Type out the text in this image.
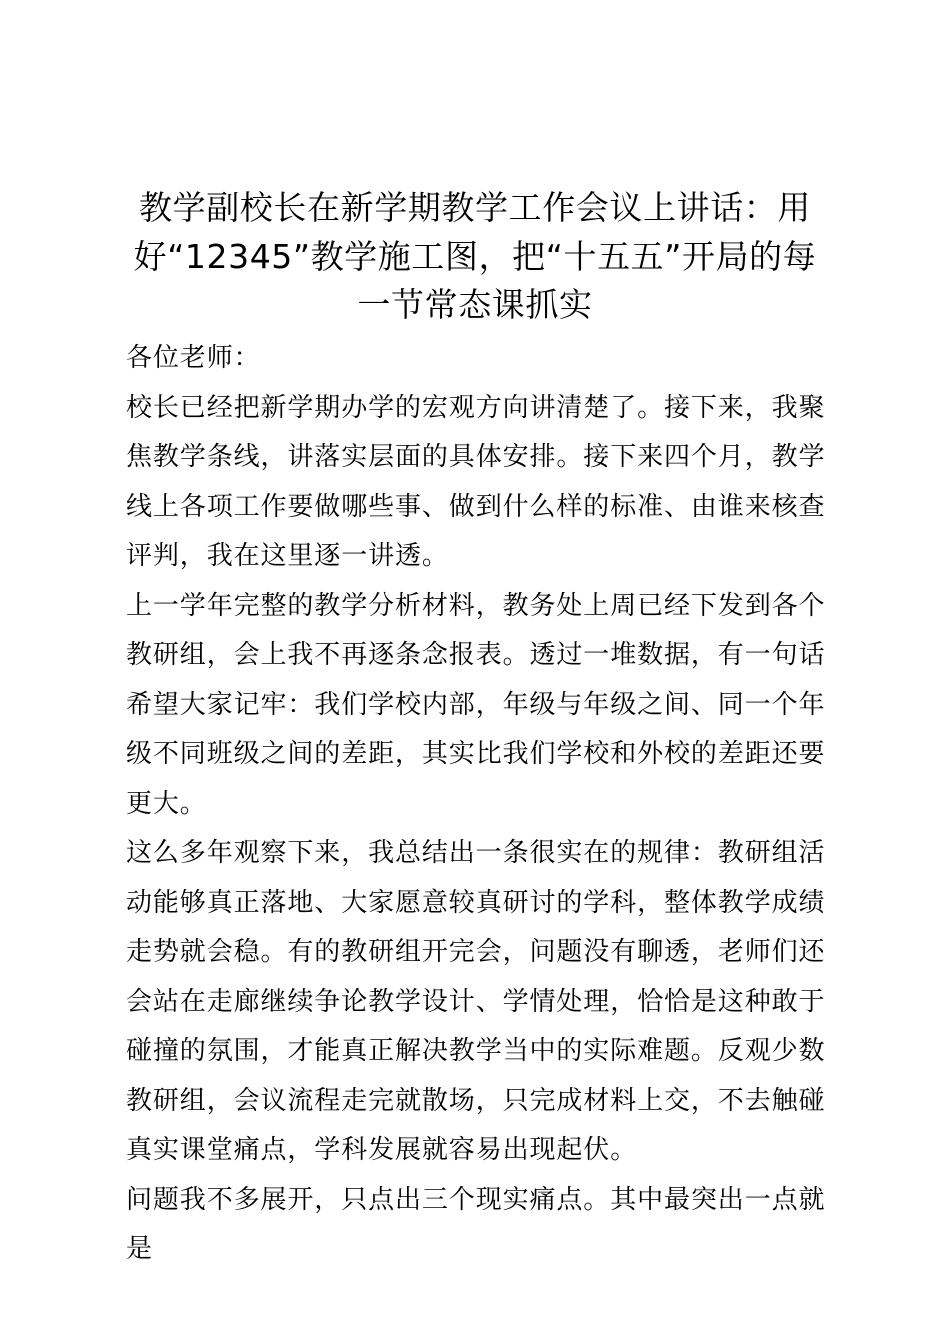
教学副校长在新学期教学工作会议上讲话：用好“12345”教学施工图，把“十五五”开局的每一节常态课抓实

各位老师：

校长已经把新学期办学的宏观方向讲清楚了。接下来，我聚焦教学条线，讲落实层面的具体安排。接下来四个月，教学线上各项工作要做哪些事、做到什么样的标准、由谁来核查评判，我在这里逐一讲透。

上一学年完整的教学分析材料，教务处上周已经下发到各个教研组，会上我不再逐条念报表。透过一堆数据，有一句话希望大家记牢：我们学校内部，年级与年级之间、同一个年级不同班级之间的差距，其实比我们学校和外校的差距还要更大。

这么多年观察下来，我总结出一条很实在的规律：教研组活动能够真正落地、大家愿意较真研讨的学科，整体教学成绩走势就会稳。有的教研组开完会，问题没有聊透，老师们还会站在走廊继续争论教学设计、学情处理，恰恰是这种敢于碰撞的氛围，才能真正解决教学当中的实际难题。反观少数教研组，会议流程走完就散场，只完成材料上交，不去触碰真实课堂痛点，学科发展就容易出现起伏。

问题我不多展开，只点出三个现实痛点。其中最突出一点就是
